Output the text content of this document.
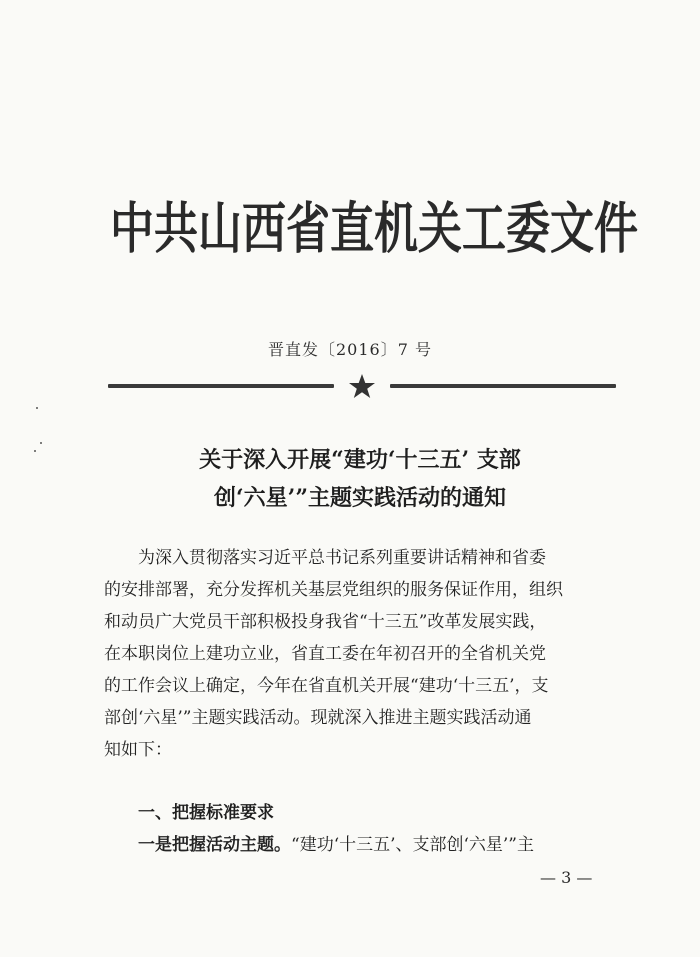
中共山西省直机关工委文件
晋直发〔2016〕7 号
关于深入开展“建功‘十三五’ 支部
创‘六星’”主题实践活动的通知
为深入贯彻落实习近平总书记系列重要讲话精神和省委
的安排部署，充分发挥机关基层党组织的服务保证作用，组织
和动员广大党员干部积极投身我省“十三五”改革发展实践，
在本职岗位上建功立业，省直工委在年初召开的全省机关党
的工作会议上确定，今年在省直机关开展“建功‘十三五’，支
部创‘六星’”主题实践活动。现就深入推进主题实践活动通
知如下：
一、把握标准要求
一是把握活动主题。“建功‘十三五’、支部创‘六星’”主
— 3 —
